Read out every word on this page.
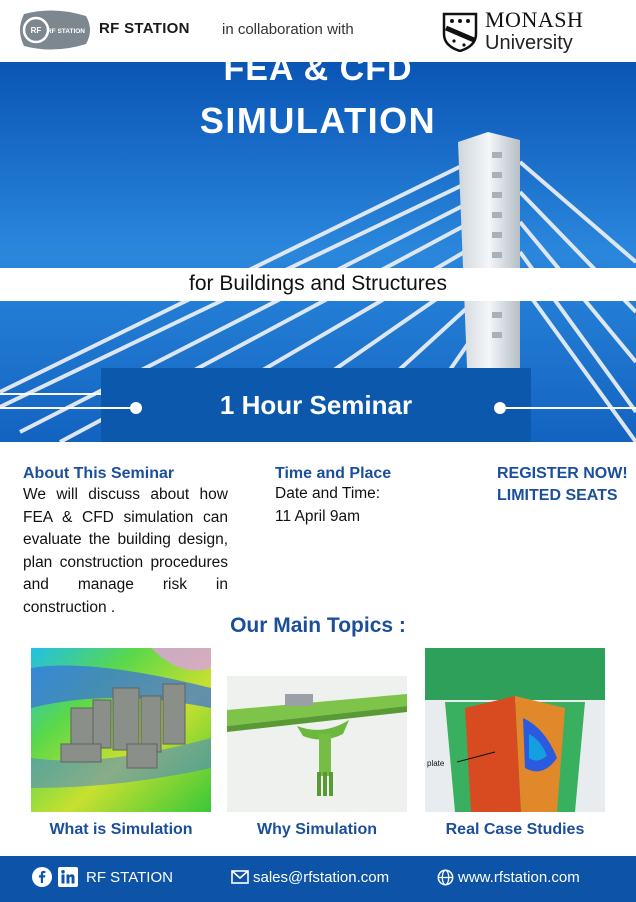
RF RF STATION RF STATION in collaboration with	MONASH
University
FEA & CFD
SIMULATION
for Buildings and Structures
1 Hour Seminar
About This Seminar
We will discuss about how FEA & CFD simulation can evaluate the building design, plan construction procedures and manage risk in construction .
Time and Place
Date and Time:
11 April 9am
REGISTER NOW!
LIMITED SEATS
Our Main Topics :
plate
What is Simulation	Why Simulation	Real Case Studies
RF STATION	sales@rfstation.com	www.rfstation.com
